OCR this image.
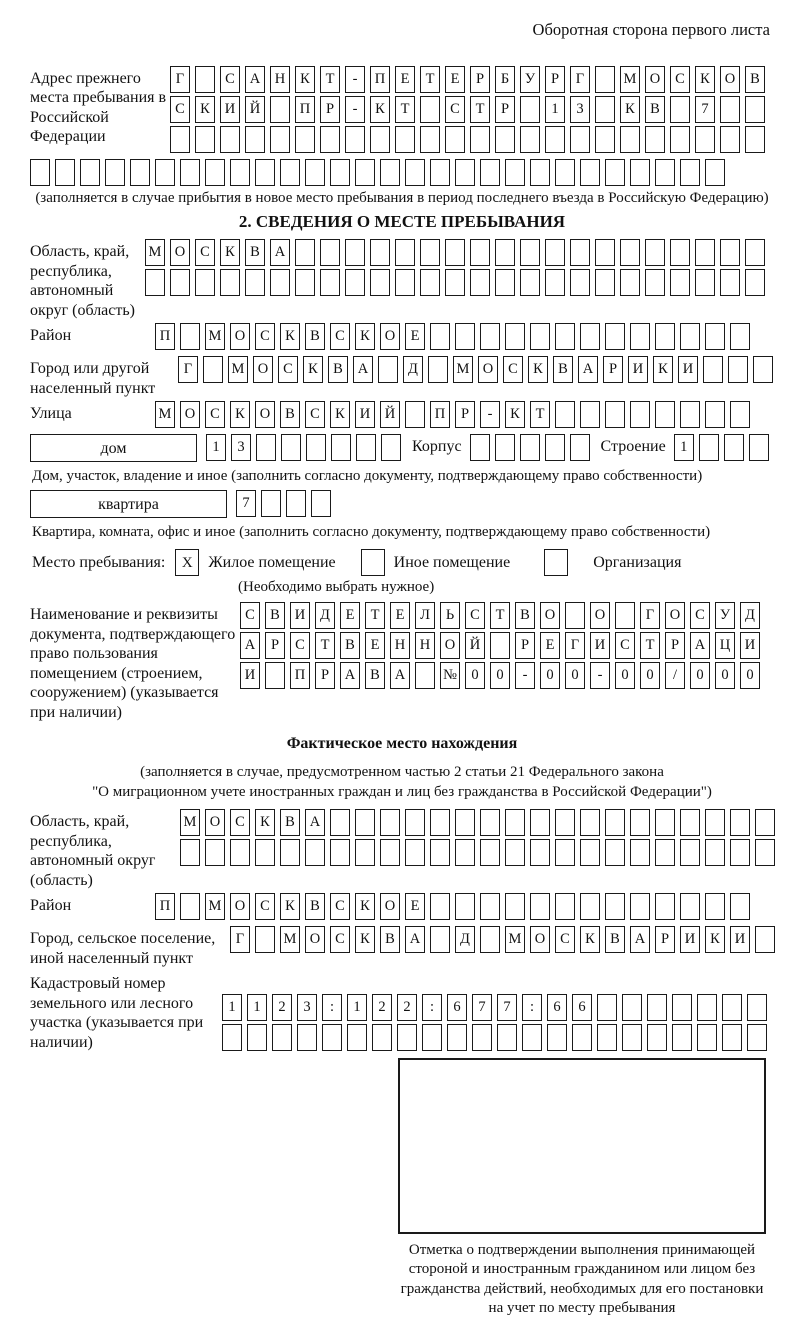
Оборотная сторона первого листа
Адрес прежнего места пребывания в Российской Федерации
Г	С	А	Н	К	Т	-	П	Е	Т	Е	Р	Б	У	Р	Г	М О	С	К	О	В
С	К	И	Й	П	Р	-	К	Т	С	Т	Р	1	3	К	В	7
(заполняется в случае прибытия в новое место пребывания в период последнего въезда в Российскую Федерацию)
2. СВЕДЕНИЯ О МЕСТЕ ПРЕБЫВАНИЯ
Область, край, республика, автономный округ (область)
М О	С	К	В	А
Район	П	М О	С	К	В	С	К	О	Е
Город или другой населенный пункт
Г	М О	С	К	В	А	Д	М О	С	К	В	А	Р	И	К	И
Улица	М О	С	К	О	В	С	К	И	Й	П	Р	-	К	Т
дом	1	3	Корпус	Строение 1
Дом, участок, владение и иное (заполнить согласно документу, подтверждающему право собственности)
квартира	7
Квартира, комната, офис и иное (заполнить согласно документу, подтверждающему право собственности)
Место пребывания:	X Жилое помещение	Иное помещение	Организация
(Необходимо выбрать нужное)
Наименование и реквизиты документа, подтверждающего право пользования помещением (строением, сооружением) (указывается при наличии)
С	В	И	Д	Е	Т	Е	Л	Ь	С	Т	В	О	О	Г	О	С	У	Д
А	Р	С	Т	В	Е	Н	Н	О	Й	Р	Е	Г	И	С	Т	Р	А	Ц	И
И	П	Р	А	В	А	№ 0	0	-	0	0	-	0	0	/	0	0	0
Фактическое место нахождения
(заполняется в случае, предусмотренном частью 2 статьи 21 Федерального закона
"О миграционном учете иностранных граждан и лиц без гражданства в Российской Федерации")
Область, край, республика, автономный округ (область)
М О	С	К	В	А
Район	П	М О	С	К	В	С	К	О	Е
Город, сельское поселение, иной населенный пункт
Г	М О	С	К	В	А	Д	М О	С	К	В	А	Р	И	К	И
Кадастровый номер земельного или лесного участка (указывается при наличии)
1	1	2	3	:	1	2	2	:	6	7	7	:	6	6
Отметка о подтверждении выполнения принимающей стороной и иностранным гражданином или лицом без гражданства действий, необходимых для его постановки на учет по месту пребывания
